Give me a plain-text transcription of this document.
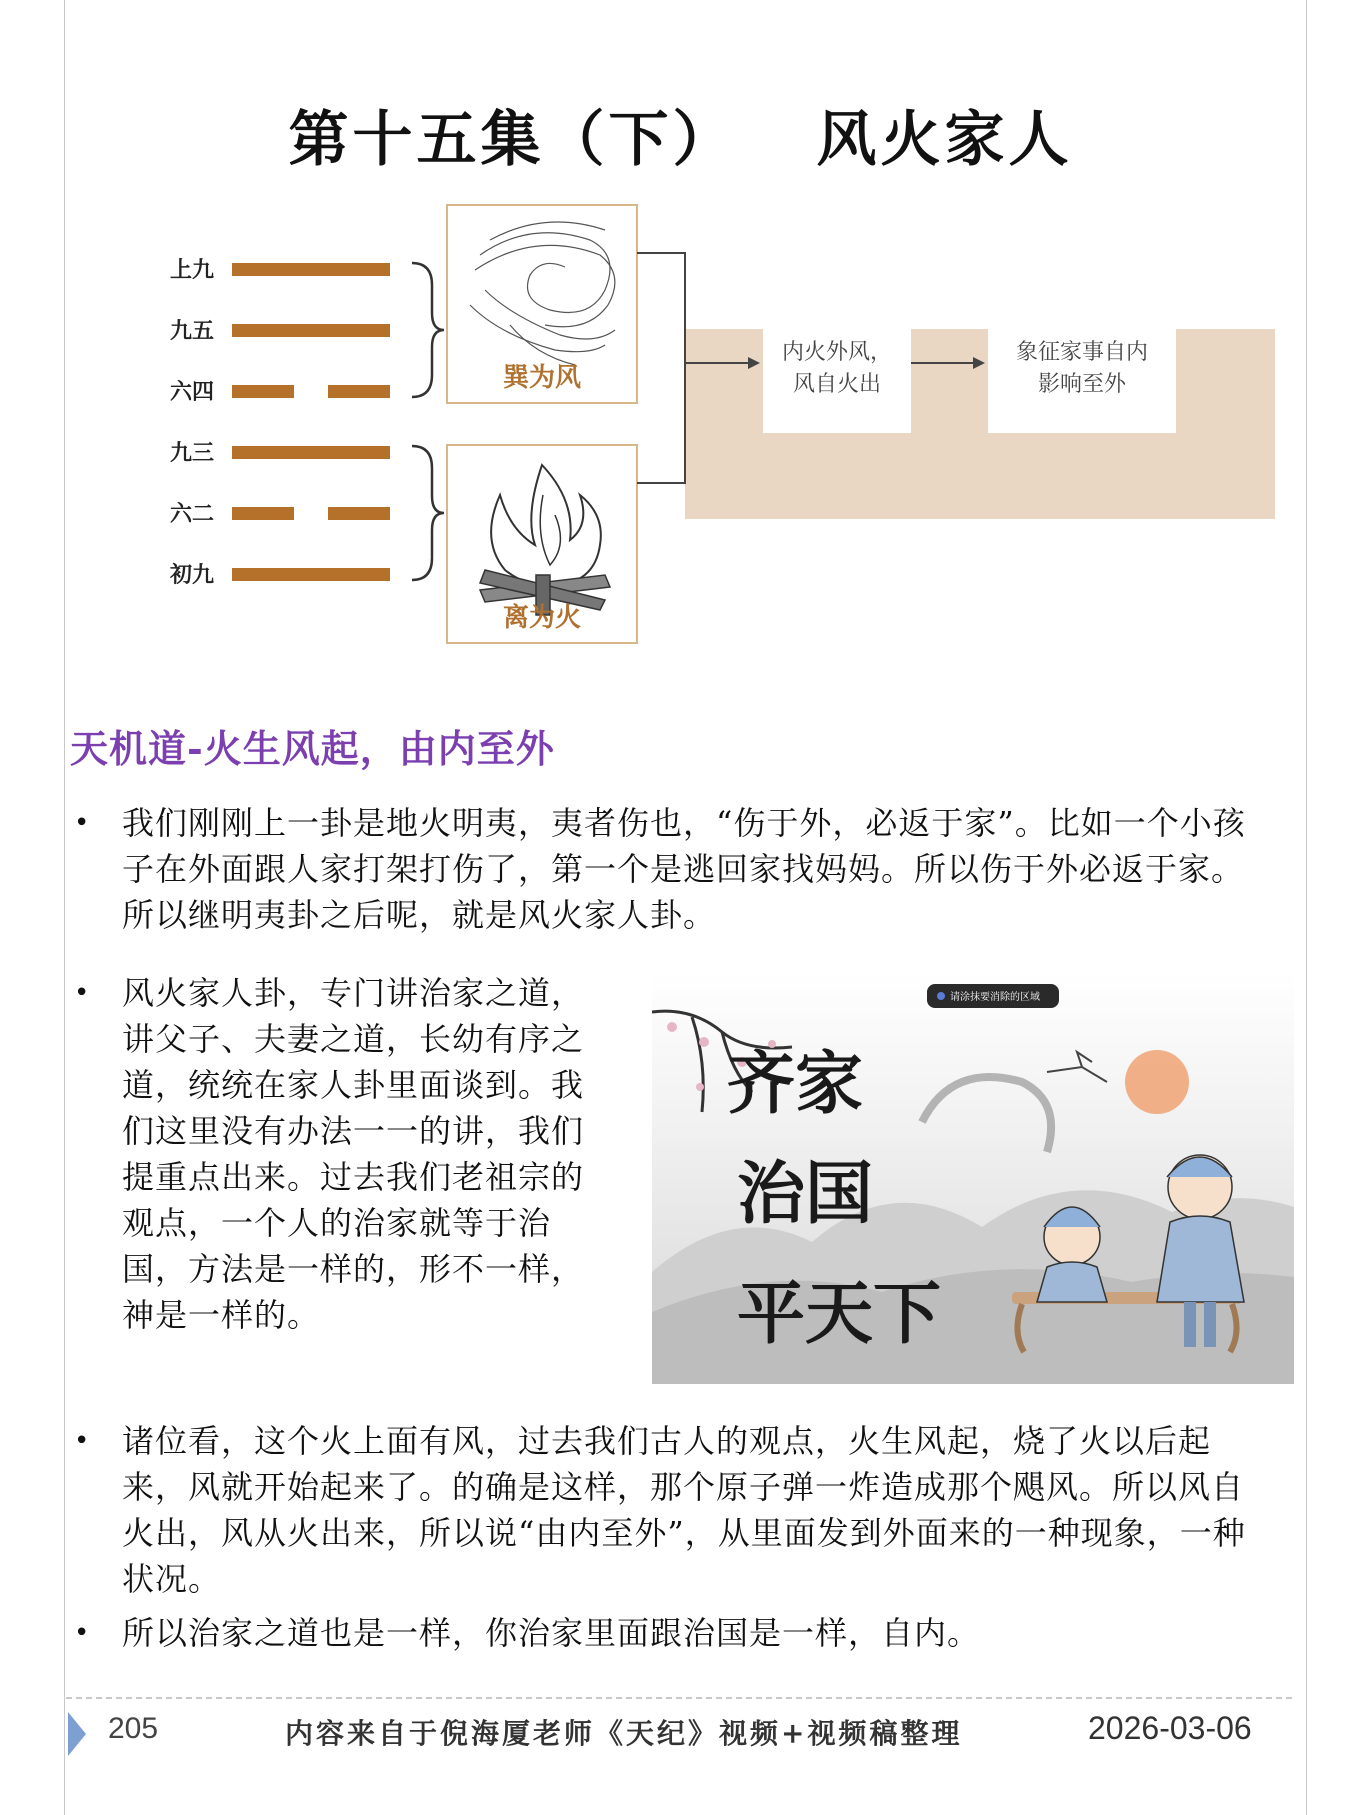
第十五集（下） 风火家人
上九
九五
六四
九三
六二
初九
巽为风
离为火
内火外风，
风自火出
象征家事自内
影响至外
天机道-火生风起，由内至外
• 我们刚刚上一卦是地火明夷，夷者伤也，“伤于外，必返于家”。比如一个小孩子在外面跟人家打架打伤了，第一个是逃回家找妈妈。所以伤于外必返于家。所以继明夷卦之后呢，就是风火家人卦。
• 风火家人卦，专门讲治家之道，讲父子、夫妻之道，长幼有序之道，统统在家人卦里面谈到。我们这里没有办法一一的讲，我们提重点出来。过去我们老祖宗的观点，一个人的治家就等于治国，方法是一样的，形不一样，神是一样的。
• 诸位看，这个火上面有风，过去我们古人的观点，火生风起，烧了火以后起来，风就开始起来了。的确是这样，那个原子弹一炸造成那个飓风。所以风自火出，风从火出来，所以说“由内至外”，从里面发到外面来的一种现象，一种状况。
• 所以治家之道也是一样，你治家里面跟治国是一样，自内。
请涂抹要消除的区域
齐家
治国
平天下
205	内容来自于倪海厦老师《天纪》视频+视频稿整理	2026-03-06
